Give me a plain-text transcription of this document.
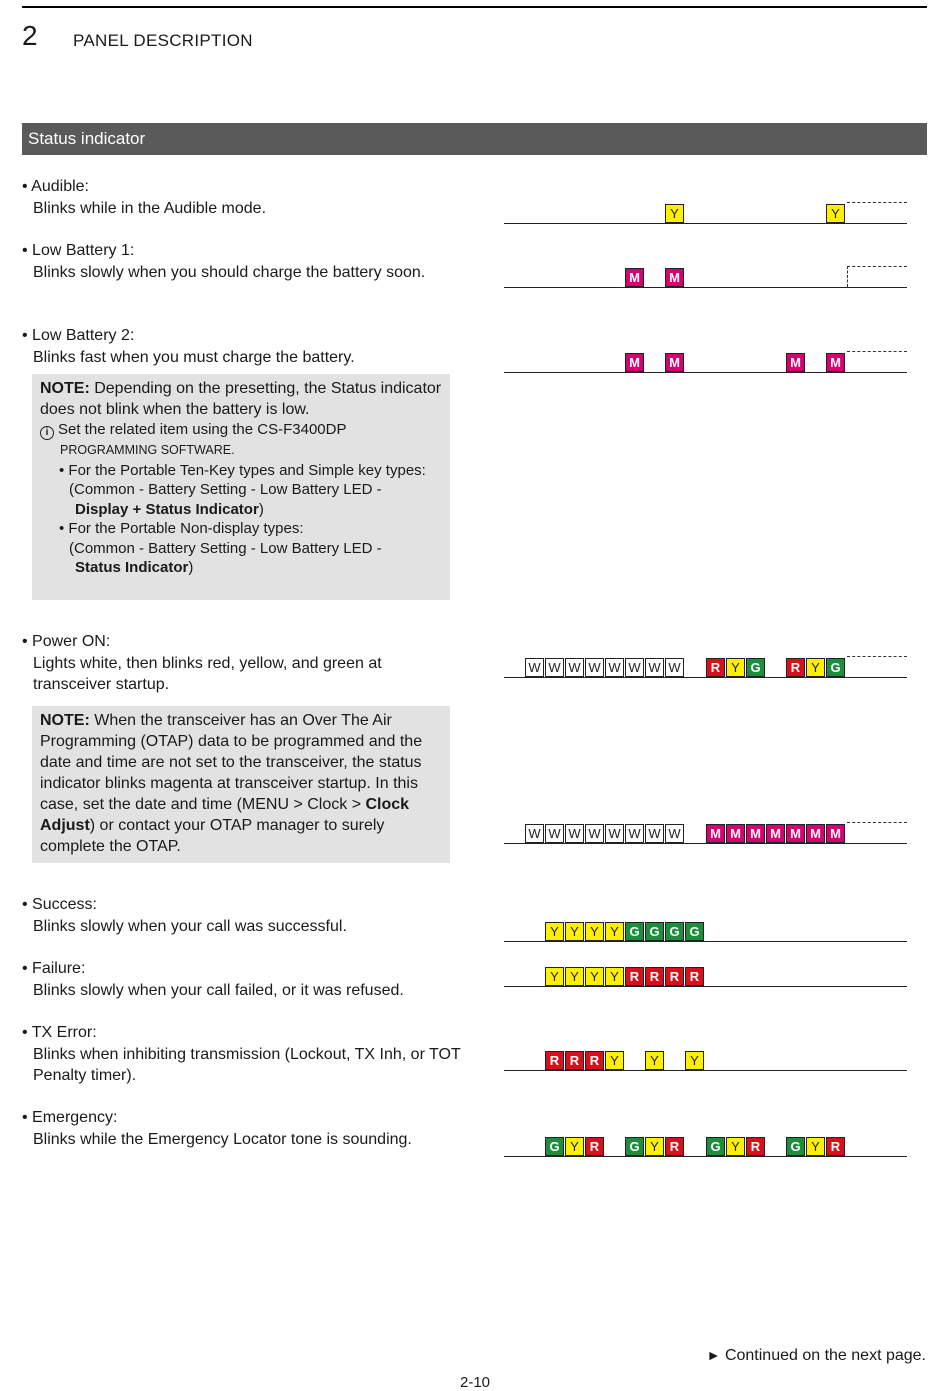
2 PANEL DESCRIPTION
Status indicator
• Audible:
Blinks while in the Audible mode.
• Low Battery 1:
Blinks slowly when you should charge the battery soon.
• Low Battery 2:
Blinks fast when you must charge the battery.
NOTE: Depending on the presetting, the Status indicator does not blink when the battery is low.
i Set the related item using the CS-F3400DP
PROGRAMMING SOFTWARE.
• For the Portable Ten-Key types and Simple key types:
(Common - Battery Setting - Low Battery LED -
Display + Status Indicator)
• For the Portable Non-display types:
(Common - Battery Setting - Low Battery LED -
Status Indicator)
• Power ON:
Lights white, then blinks red, yellow, and green at transceiver startup.
NOTE: When the transceiver has an Over The Air Programming (OTAP) data to be programmed and the date and time are not set to the transceiver, the status indicator blinks magenta at transceiver startup. In this case, set the date and time (MENU > Clock > Clock Adjust) or contact your OTAP manager to surely complete the OTAP.
• Success:
Blinks slowly when your call was successful.
• Failure:
Blinks slowly when your call failed, or it was refused.
• TX Error:
Blinks when inhibiting transmission (Lockout, TX Inh, or TOT Penalty timer).
• Emergency:
Blinks while the Emergency Locator tone is sounding.
Y	Y
M	M
M	M	M	M
W W W W W W W W	R Y G	R Y G
W W W W W W W W	M M M M M M M
Y Y Y Y G G G G
Y Y Y Y R R R R
R R R Y	Y	Y
G Y R	G Y R	G Y R	G Y R
► Continued on the next page.
2-10
